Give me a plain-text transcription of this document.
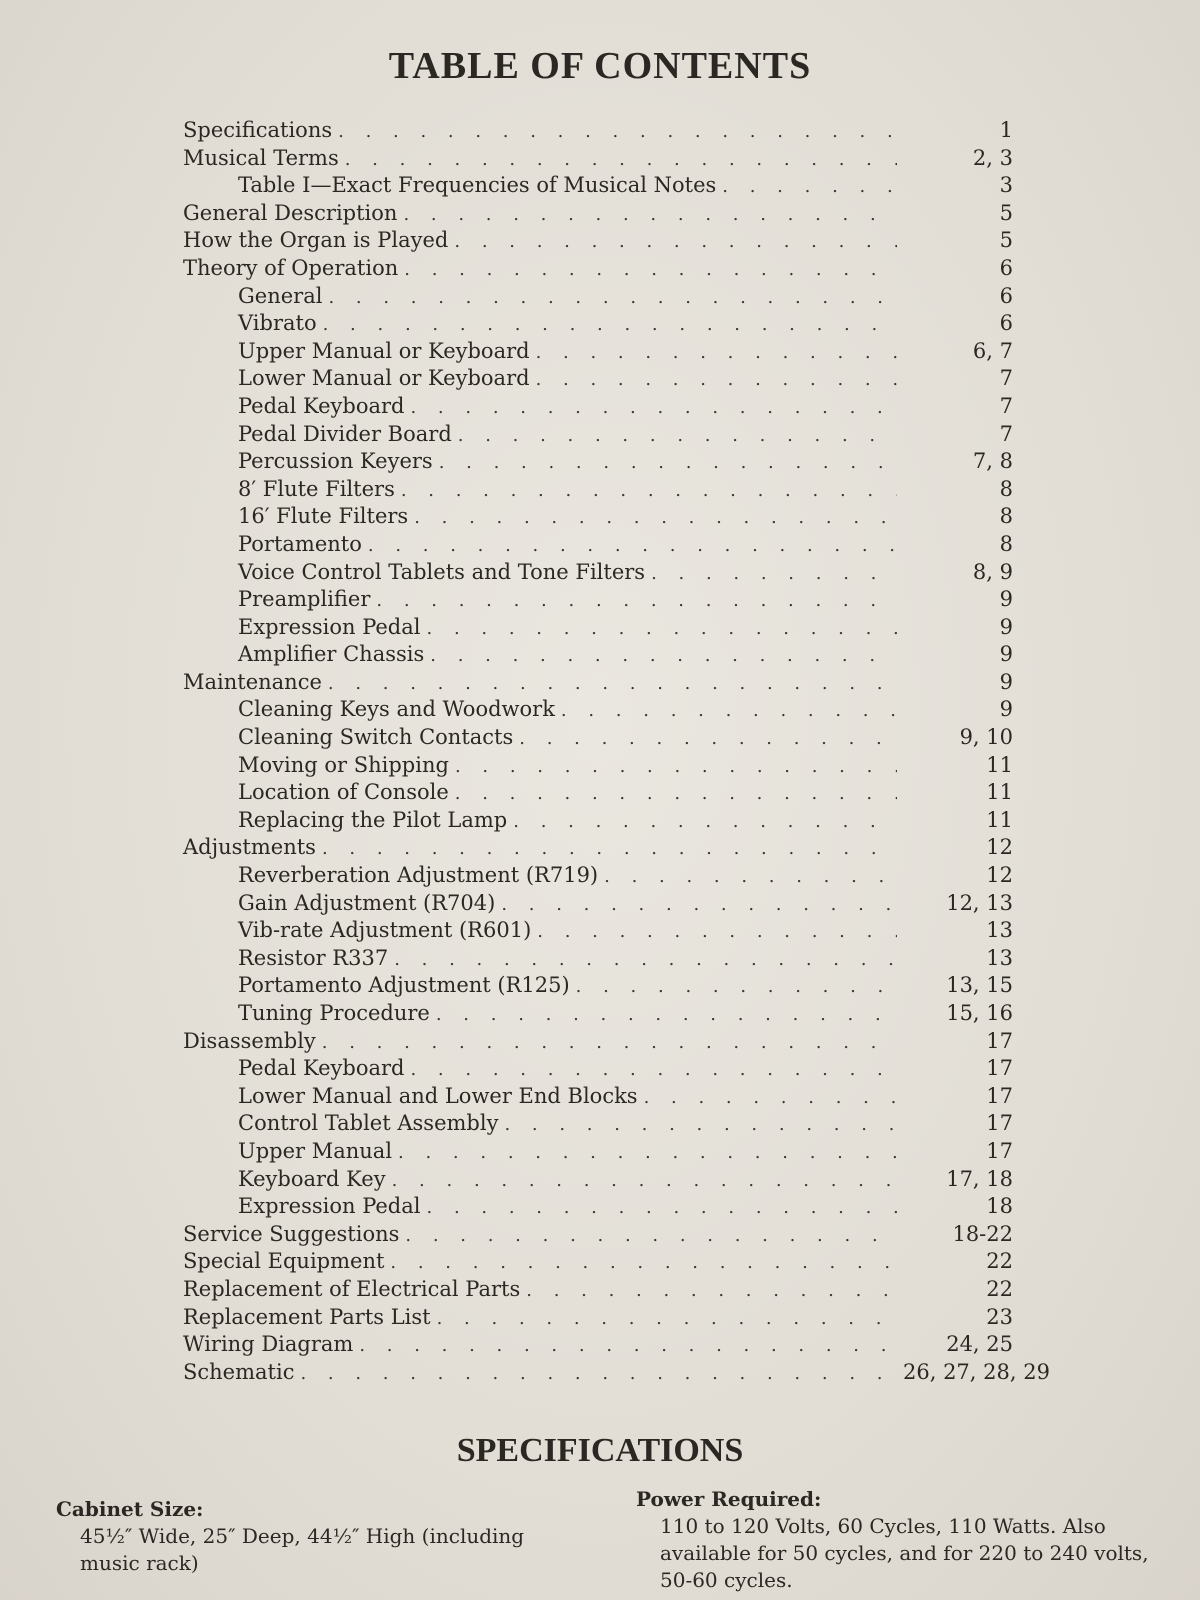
TABLE OF CONTENTS
Specifications . . .	1
Musical Terms . . .	2, 3
Table I—Exact Frequencies of Musical Notes . . .	3
General Description . . .	5
How the Organ is Played . . .	5
Theory of Operation . . .	6
General . . .	6
Vibrato . . .	6
Upper Manual or Keyboard . . .	6, 7
Lower Manual or Keyboard . . .	7
Pedal Keyboard . . .	7
Pedal Divider Board . . .	7
Percussion Keyers . . .	7, 8
8′ Flute Filters . . .	8
16′ Flute Filters . . .	8
Portamento . . .	8
Voice Control Tablets and Tone Filters . . .	8, 9
Preamplifier . . .	9
Expression Pedal . . .	9
Amplifier Chassis . . .	9
Maintenance . . .	9
Cleaning Keys and Woodwork . . .	9
Cleaning Switch Contacts . . .	9, 10
Moving or Shipping . . .	11
Location of Console . . .	11
Replacing the Pilot Lamp . . .	11
Adjustments . . .	12
Reverberation Adjustment (R719) . . .	12
Gain Adjustment (R704) . . .	12, 13
Vib-rate Adjustment (R601) . . .	13
Resistor R337 . . .	13
Portamento Adjustment (R125) . . .	13, 15
Tuning Procedure . . .	15, 16
Disassembly . . .	17
Pedal Keyboard . . .	17
Lower Manual and Lower End Blocks . . .	17
Control Tablet Assembly . . .	17
Upper Manual . . .	17
Keyboard Key . . .	17, 18
Expression Pedal . . .	18
Service Suggestions . . .	18-22
Special Equipment . . .	22
Replacement of Electrical Parts . . .	22
Replacement Parts List . . .	23
Wiring Diagram . . .	24, 25
Schematic . . .	26, 27, 28, 29
SPECIFICATIONS
Cabinet Size:
45½″ Wide, 25″ Deep, 44½″ High (including music rack)
Power Required:
110 to 120 Volts, 60 Cycles, 110 Watts. Also available for 50 cycles, and for 220 to 240 volts, 50-60 cycles.
